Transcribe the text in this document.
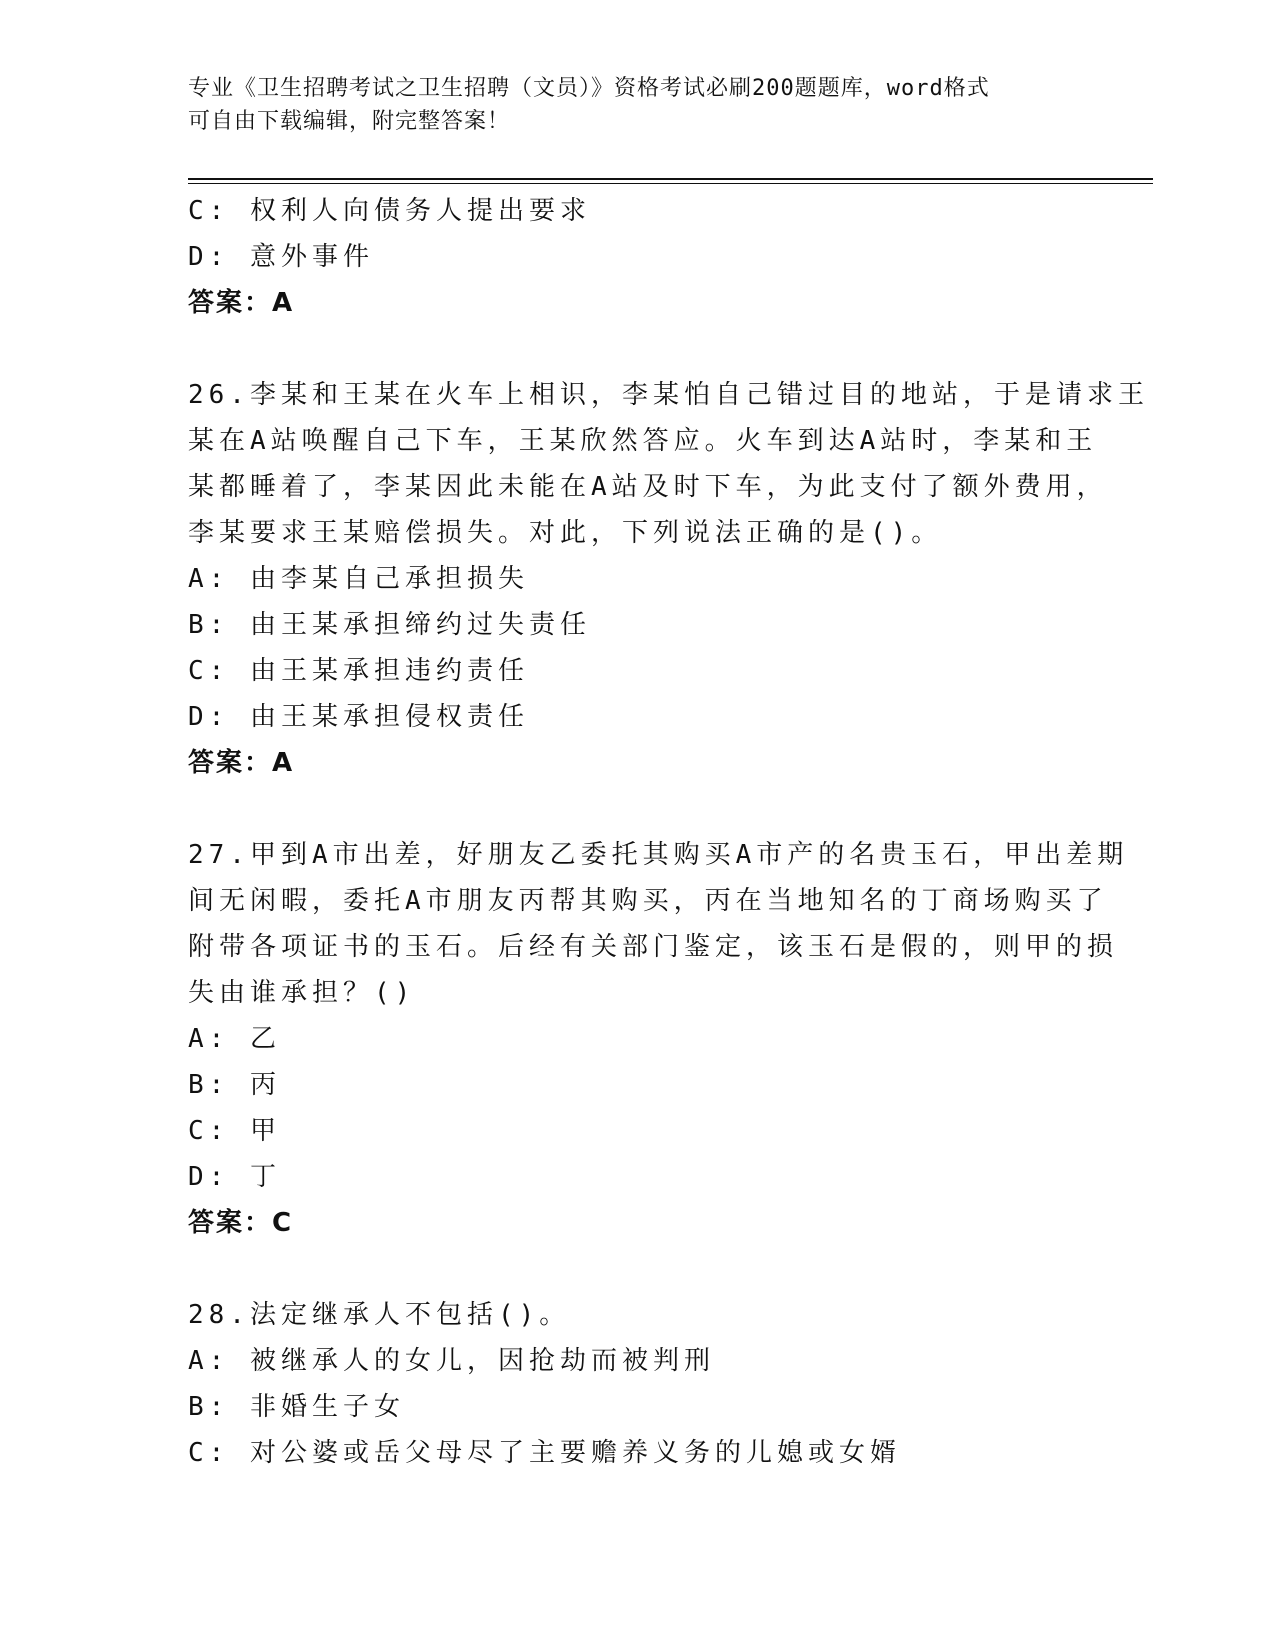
专业《卫生招聘考试之卫生招聘（文员）》资格考试必刷200题题库，word格式
可自由下载编辑，附完整答案！
C: 权利人向债务人提出要求
D: 意外事件
答案：A
26.李某和王某在火车上相识，李某怕自己错过目的地站，于是请求王
某在A站唤醒自己下车，王某欣然答应。火车到达A站时，李某和王
某都睡着了，李某因此未能在A站及时下车，为此支付了额外费用，
李某要求王某赔偿损失。对此，下列说法正确的是()。
A: 由李某自己承担损失
B: 由王某承担缔约过失责任
C: 由王某承担违约责任
D: 由王某承担侵权责任
答案：A
27.甲到A市出差，好朋友乙委托其购买A市产的名贵玉石，甲出差期
间无闲暇，委托A市朋友丙帮其购买，丙在当地知名的丁商场购买了
附带各项证书的玉石。后经有关部门鉴定，该玉石是假的，则甲的损
失由谁承担？()
A: 乙
B: 丙
C: 甲
D: 丁
答案：C
28.法定继承人不包括()。
A: 被继承人的女儿，因抢劫而被判刑
B: 非婚生子女
C: 对公婆或岳父母尽了主要赡养义务的儿媳或女婿
